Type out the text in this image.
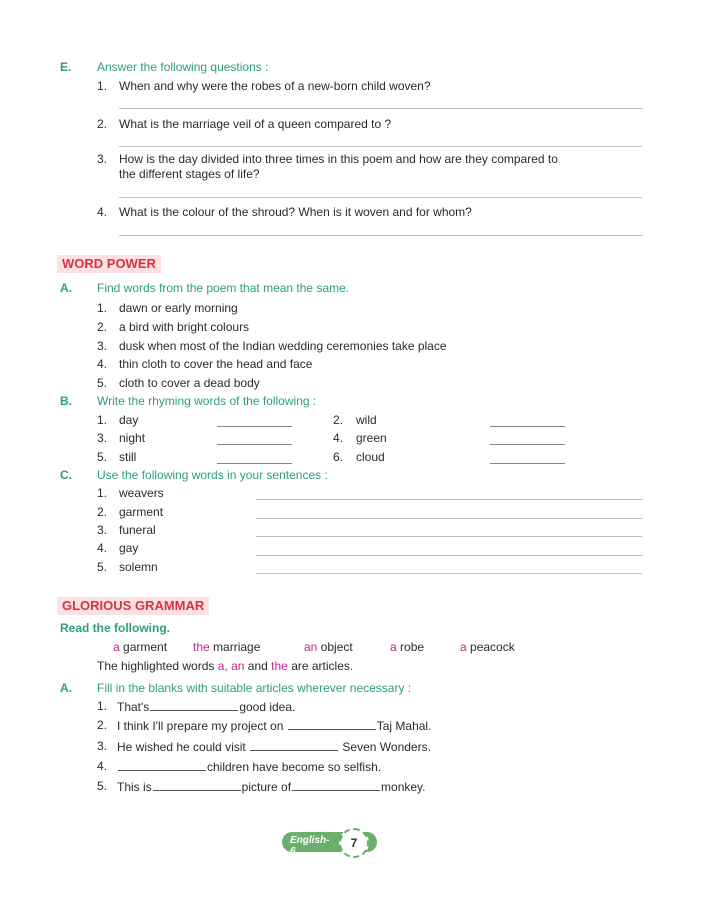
E. Answer the following questions :
1. When and why were the robes of a new-born child woven?
2. What is the marriage veil of a queen compared to ?
3. How is the day divided into three times in this poem and how are they compared to
the different stages of life?
4. What is the colour of the shroud? When is it woven and for whom?
WORD POWER
A. Find words from the poem that mean the same.
1. dawn or early morning
2. a bird with bright colours
3. dusk when most of the Indian wedding ceremonies take place
4. thin cloth to cover the head and face
5. cloth to cover a dead body
B. Write the rhyming words of the following :
1. day	2. wild
3. night	4. green
5. still	6. cloud
C. Use the following words in your sentences :
1. weavers
2. garment
3. funeral
4. gay
5. solemn
GLORIOUS GRAMMAR
Read the following.
a garment the marriage	an object	a robe	a peacock
The highlighted words a, an and the are articles.
A. Fill in the blanks with suitable articles wherever necessary :
1. That's	good idea.
2. I think I'll prepare my project on	Taj Mahal.
3. He wished he could visit	Seven Wonders.
4.	children have become so selfish.
5. This is	picture of	monkey.
English-6
7
